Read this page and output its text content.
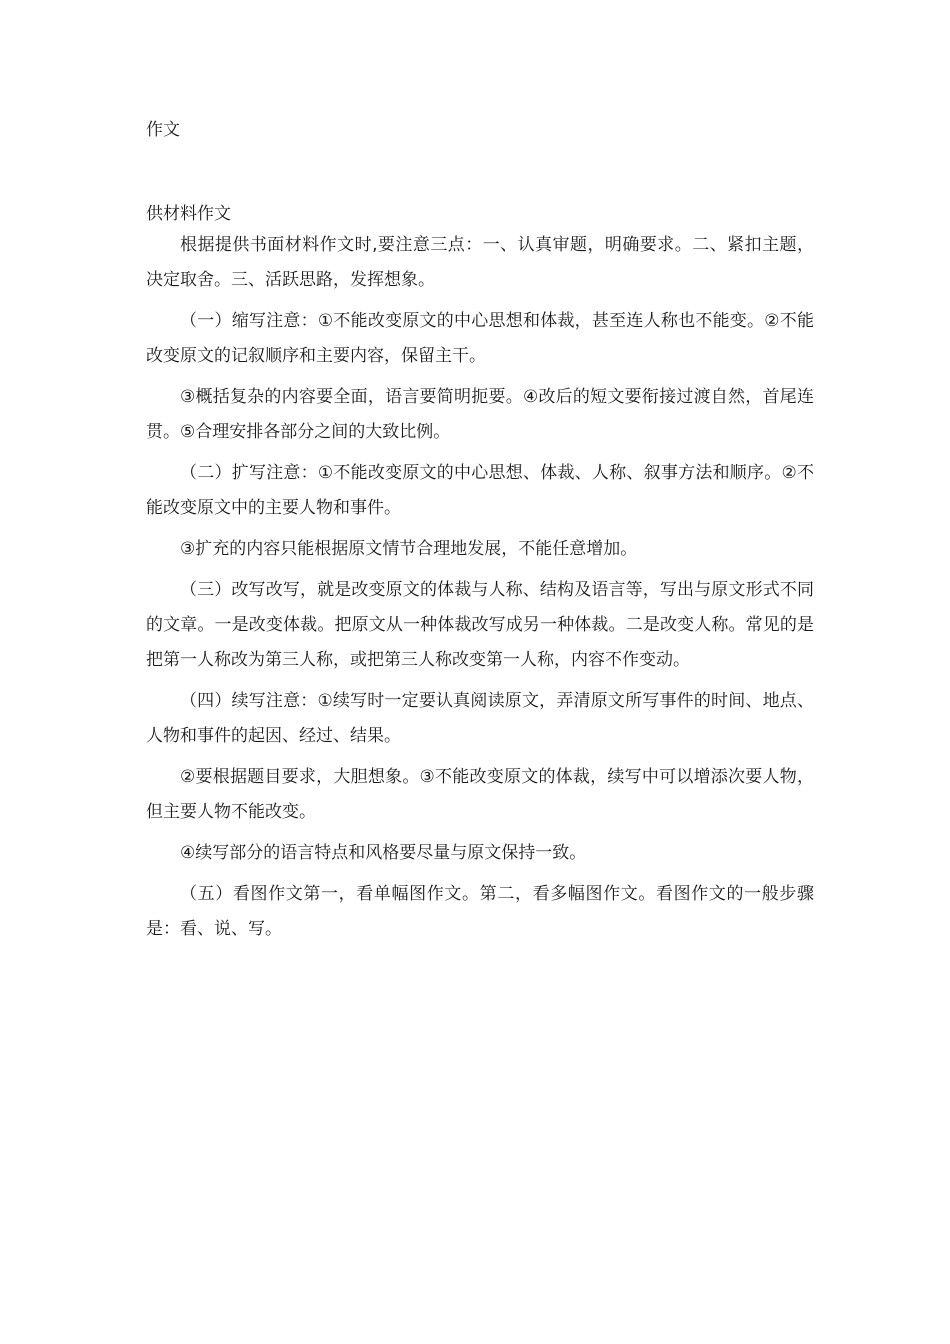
作文
供材料作文

根据提供书面材料作文时,要注意三点：一、认真审题，明确要求。二、紧扣主题，决定取舍。三、活跃思路，发挥想象。

（一）缩写注意：①不能改变原文的中心思想和体裁，甚至连人称也不能变。②不能改变原文的记叙顺序和主要内容，保留主干。

③概括复杂的内容要全面，语言要简明扼要。④改后的短文要衔接过渡自然，首尾连贯。⑤合理安排各部分之间的大致比例。

（二）扩写注意：①不能改变原文的中心思想、体裁、人称、叙事方法和顺序。②不能改变原文中的主要人物和事件。

③扩充的内容只能根据原文情节合理地发展，不能任意增加。

（三）改写改写，就是改变原文的体裁与人称、结构及语言等，写出与原文形式不同的文章。一是改变体裁。把原文从一种体裁改写成另一种体裁。二是改变人称。常见的是把第一人称改为第三人称，或把第三人称改变第一人称，内容不作变动。

（四）续写注意：①续写时一定要认真阅读原文，弄清原文所写事件的时间、地点、人物和事件的起因、经过、结果。

②要根据题目要求，大胆想象。③不能改变原文的体裁，续写中可以增添次要人物，但主要人物不能改变。

④续写部分的语言特点和风格要尽量与原文保持一致。

（五）看图作文第一，看单幅图作文。第二，看多幅图作文。看图作文的一般步骤是：看、说、写。
